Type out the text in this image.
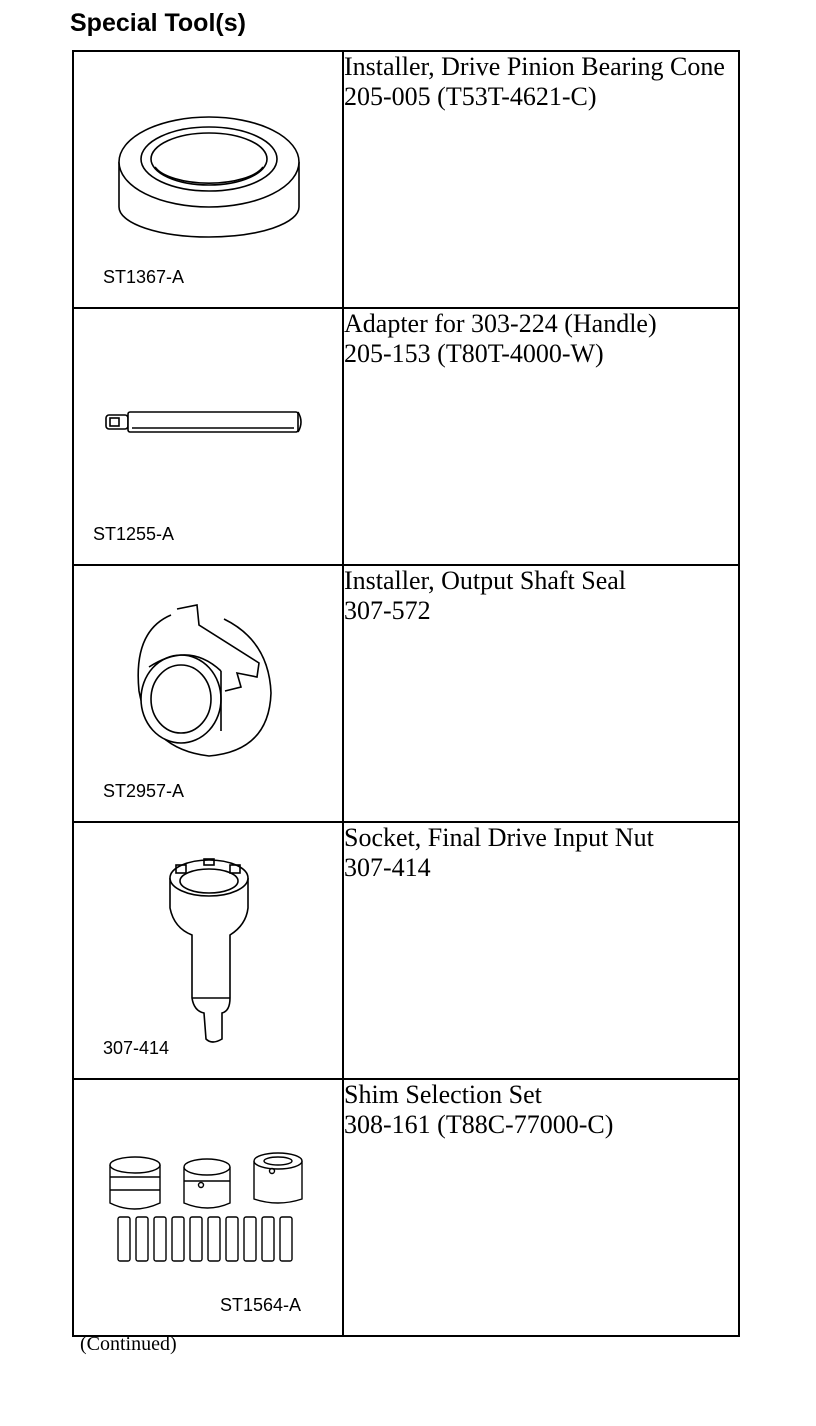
Special Tool(s)
ST1367-A	Installer, Drive Pinion Bearing Cone
205-005 (T53T-4621-C)

ST1255-A	Adapter for 303-224 (Handle)
205-153 (T80T-4000-W)

ST2957-A	Installer, Output Shaft Seal
307-572

307-414	Socket, Final Drive Input Nut
307-414

ST1564-A	Shim Selection Set
308-161 (T88C-77000-C)
(Continued)
